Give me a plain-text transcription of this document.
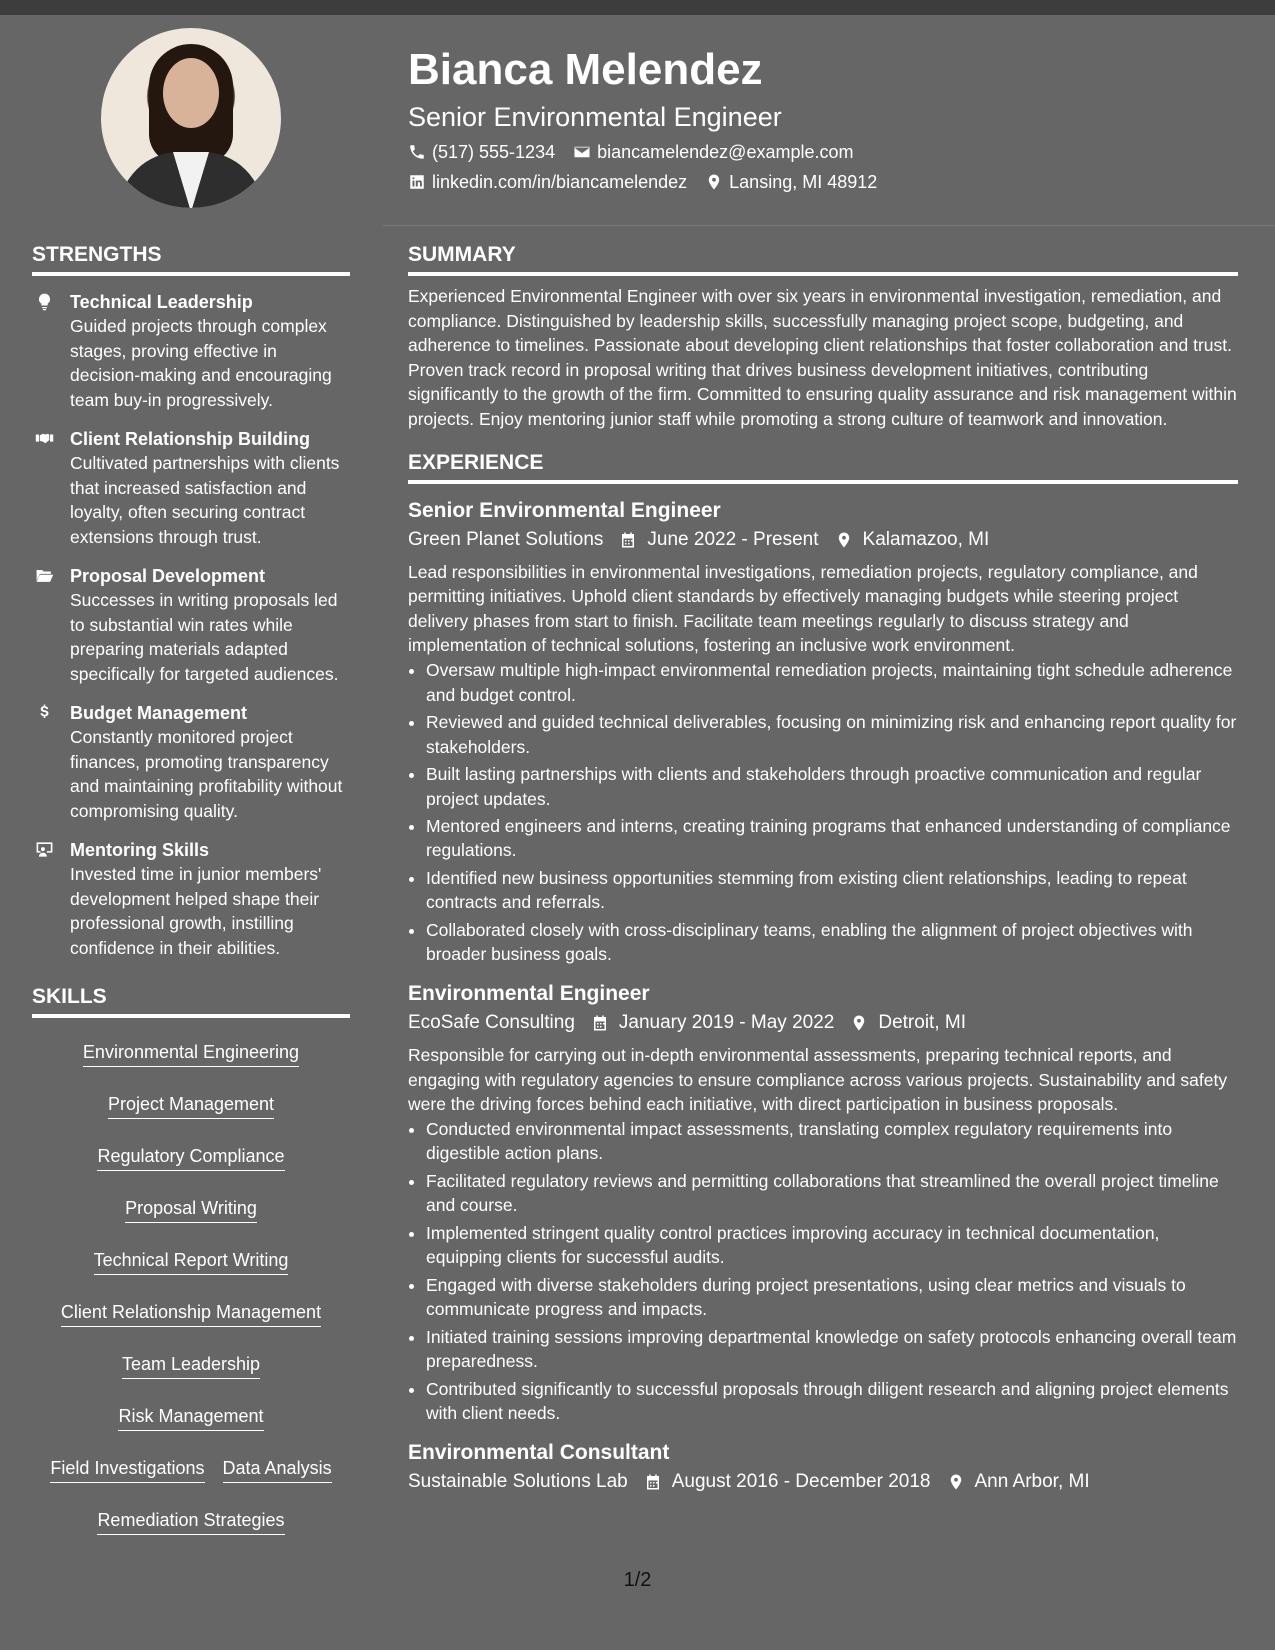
Bianca Melendez
Senior Environmental Engineer
(517) 555-1234 biancamelendez@example.com
linkedin.com/in/biancamelendez Lansing, MI 48912
STRENGTHS
Technical Leadership
Guided projects through complex stages, proving effective in decision-making and encouraging team buy-in progressively.
Client Relationship Building
Cultivated partnerships with clients that increased satisfaction and loyalty, often securing contract extensions through trust.
Proposal Development
Successes in writing proposals led to substantial win rates while preparing materials adapted specifically for targeted audiences.
Budget Management
Constantly monitored project finances, promoting transparency and maintaining profitability without compromising quality.
Mentoring Skills
Invested time in junior members' development helped shape their professional growth, instilling confidence in their abilities.
SKILLS
Environmental Engineering
Project Management
Regulatory Compliance
Proposal Writing
Technical Report Writing
Client Relationship Management
Team Leadership
Risk Management
Field Investigations Data Analysis
Remediation Strategies
SUMMARY

Experienced Environmental Engineer with over six years in environmental investigation, remediation, and compliance. Distinguished by leadership skills, successfully managing project scope, budgeting, and adherence to timelines. Passionate about developing client relationships that foster collaboration and trust. Proven track record in proposal writing that drives business development initiatives, contributing significantly to the growth of the firm. Committed to ensuring quality assurance and risk management within projects. Enjoy mentoring junior staff while promoting a strong culture of teamwork and innovation.

EXPERIENCE
Senior Environmental Engineer
Green Planet Solutions June 2022 - Present Kalamazoo, MI

Lead responsibilities in environmental investigations, remediation projects, regulatory compliance, and permitting initiatives. Uphold client standards by effectively managing budgets while steering project delivery phases from start to finish. Facilitate team meetings regularly to discuss strategy and implementation of technical solutions, fostering an inclusive work environment.

• Oversaw multiple high-impact environmental remediation projects, maintaining tight schedule adherence and budget control.
• Reviewed and guided technical deliverables, focusing on minimizing risk and enhancing report quality for stakeholders.
• Built lasting partnerships with clients and stakeholders through proactive communication and regular project updates.
• Mentored engineers and interns, creating training programs that enhanced understanding of compliance regulations.
• Identified new business opportunities stemming from existing client relationships, leading to repeat contracts and referrals.
• Collaborated closely with cross-disciplinary teams, enabling the alignment of project objectives with broader business goals.
Environmental Engineer
EcoSafe Consulting January 2019 - May 2022 Detroit, MI

Responsible for carrying out in-depth environmental assessments, preparing technical reports, and engaging with regulatory agencies to ensure compliance across various projects. Sustainability and safety were the driving forces behind each initiative, with direct participation in business proposals.

• Conducted environmental impact assessments, translating complex regulatory requirements into digestible action plans.
• Facilitated regulatory reviews and permitting collaborations that streamlined the overall project timeline and course.
• Implemented stringent quality control practices improving accuracy in technical documentation, equipping clients for successful audits.
• Engaged with diverse stakeholders during project presentations, using clear metrics and visuals to communicate progress and impacts.
• Initiated training sessions improving departmental knowledge on safety protocols enhancing overall team preparedness.
• Contributed significantly to successful proposals through diligent research and aligning project elements with client needs.
Environmental Consultant
Sustainable Solutions Lab August 2016 - December 2018 Ann Arbor, MI
1/2
